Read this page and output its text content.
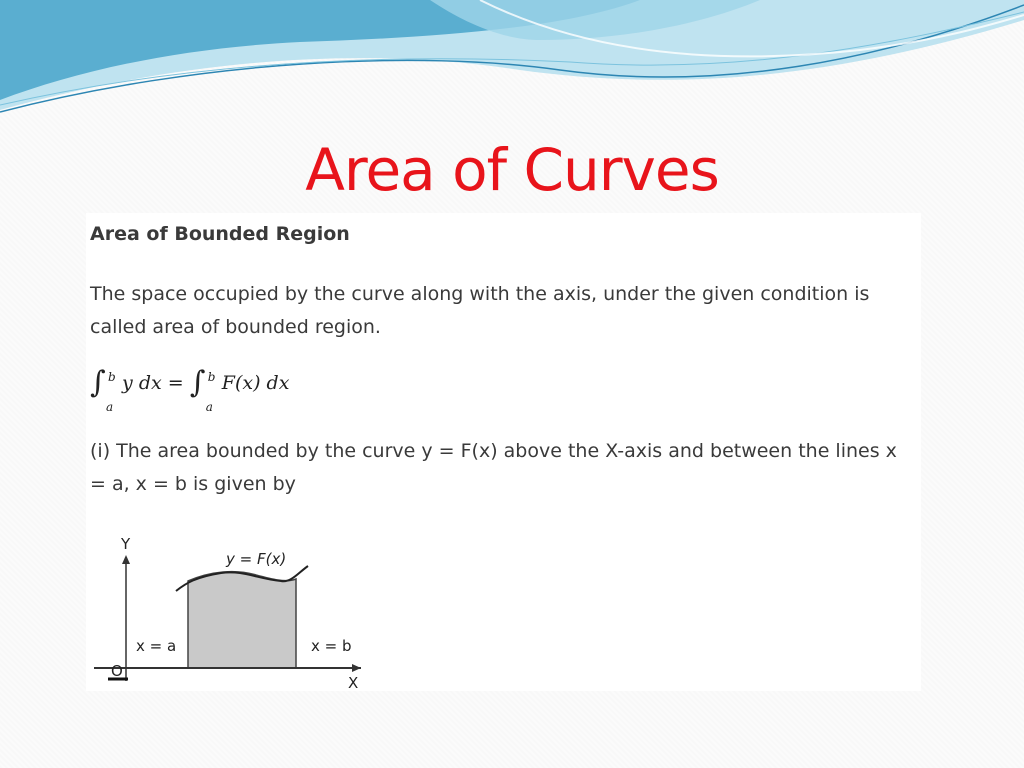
Area of Curves
Area of Bounded Region

The space occupied by the curve along with the axis, under the given condition is called area of bounded region.

∫ b
a
y dx = ∫ b
a
F(x) dx

(i) The area bounded by the curve y = F(x) above the X-axis and between the lines x = a, x = b is given by

Y
X
y = F(x)
x = a	x = b
O
